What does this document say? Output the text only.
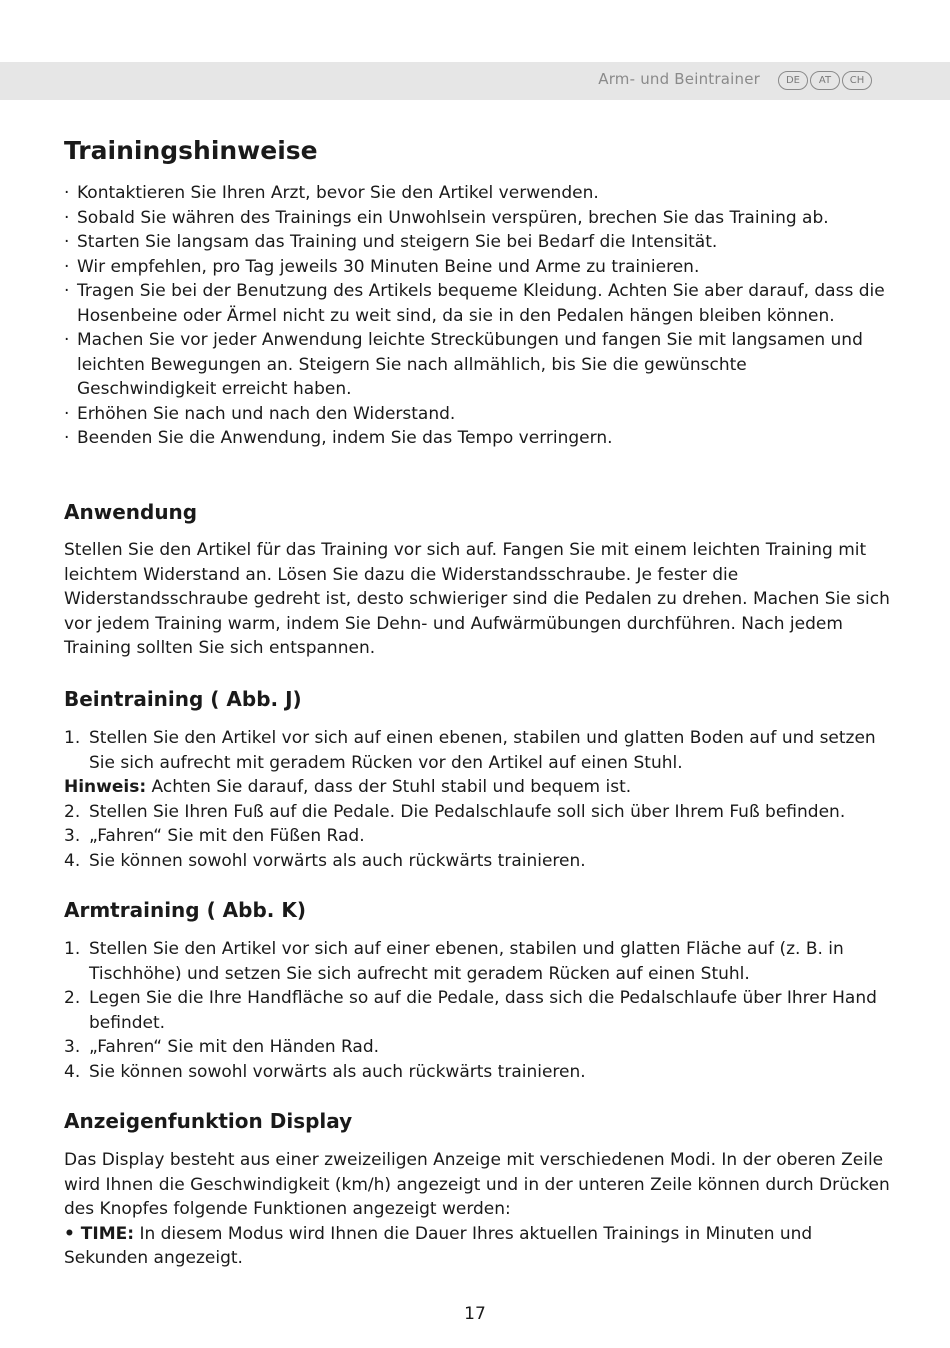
Arm- und Beintrainer	DE	AT	CH
Trainingshinweise
· Kontaktieren Sie Ihren Arzt, bevor Sie den Artikel verwenden.
· Sobald Sie währen des Trainings ein Unwohlsein verspüren, brechen Sie das Training ab.
· Starten Sie langsam das Training und steigern Sie bei Bedarf die Intensität.
· Wir empfehlen, pro Tag jeweils 30 Minuten Beine und Arme zu trainieren.
· Tragen Sie bei der Benutzung des Artikels bequeme Kleidung. Achten Sie aber darauf, dass die Hosenbeine oder Ärmel nicht zu weit sind, da sie in den Pedalen hängen bleiben können.
· Machen Sie vor jeder Anwendung leichte Streckübungen und fangen Sie mit langsamen und leichten Bewegungen an. Steigern Sie nach allmählich, bis Sie die gewünschte Geschwindigkeit erreicht haben.
· Erhöhen Sie nach und nach den Widerstand.
· Beenden Sie die Anwendung, indem Sie das Tempo verringern.
Anwendung

Stellen Sie den Artikel für das Training vor sich auf. Fangen Sie mit einem leichten Training mit leichtem Widerstand an. Lösen Sie dazu die Widerstandsschraube. Je fester die Widerstandsschraube gedreht ist, desto schwieriger sind die Pedalen zu drehen. Machen Sie sich vor jedem Training warm, indem Sie Dehn- und Aufwärmübungen durchführen. Nach jedem Training sollten Sie sich entspannen.

Beintraining ( Abb. J)
1. Stellen Sie den Artikel vor sich auf einen ebenen, stabilen und glatten Boden auf und setzen Sie sich aufrecht mit geradem Rücken vor den Artikel auf einen Stuhl.
Hinweis: Achten Sie darauf, dass der Stuhl stabil und bequem ist.
2. Stellen Sie Ihren Fuß auf die Pedale. Die Pedalschlaufe soll sich über Ihrem Fuß befinden.
3. „Fahren“ Sie mit den Füßen Rad.
4. Sie können sowohl vorwärts als auch rückwärts trainieren.
Armtraining ( Abb. K)
1. Stellen Sie den Artikel vor sich auf einer ebenen, stabilen und glatten Fläche auf (z. B. in Tischhöhe) und setzen Sie sich aufrecht mit geradem Rücken auf einen Stuhl.
2. Legen Sie die Ihre Handfläche so auf die Pedale, dass sich die Pedalschlaufe über Ihrer Hand befindet.
3. „Fahren“ Sie mit den Händen Rad.
4. Sie können sowohl vorwärts als auch rückwärts trainieren.
Anzeigenfunktion Display
Das Display besteht aus einer zweizeiligen Anzeige mit verschiedenen Modi. In der oberen Zeile wird Ihnen die Geschwindigkeit (km/h) angezeigt und in der unteren Zeile können durch Drücken des Knopfes folgende Funktionen angezeigt werden:
• TIME: In diesem Modus wird Ihnen die Dauer Ihres aktuellen Trainings in Minuten und Sekunden angezeigt.
17
